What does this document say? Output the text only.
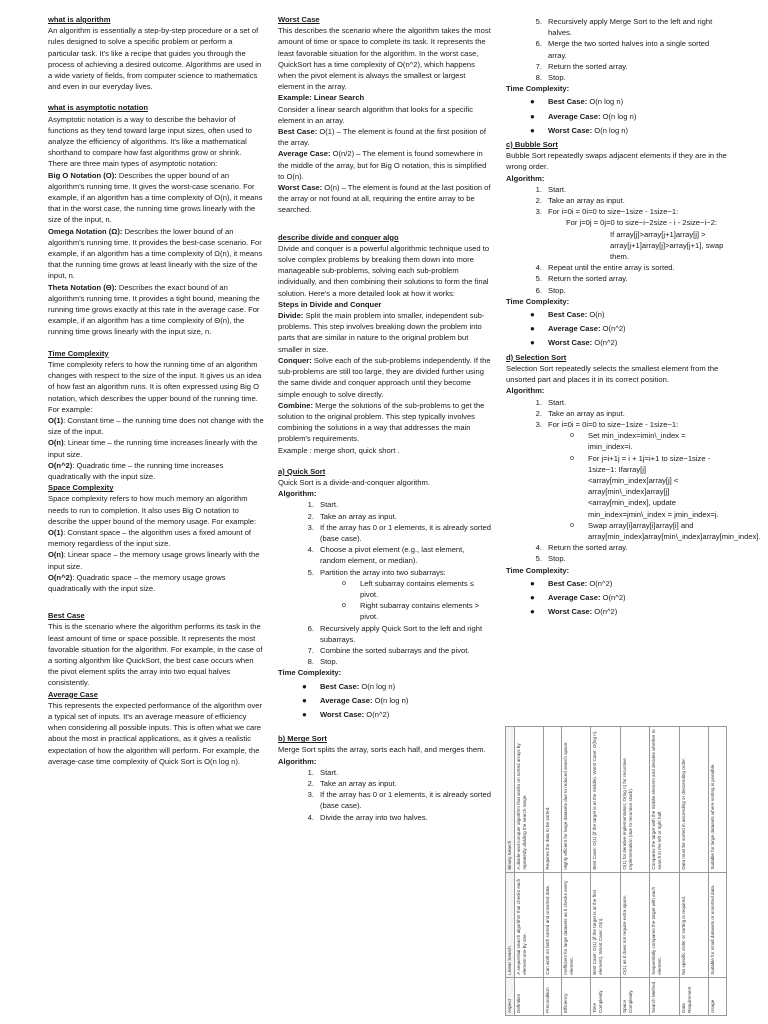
what is algorithm
An algorithm is essentially a step-by-step procedure or a set of rules designed to solve a specific problem or perform a particular task. It's like a recipe that guides you through the process of achieving a desired outcome. Algorithms are used in a wide variety of fields, from computer science to mathematics and even in our everyday lives.
what is asymptotic notation
Asymptotic notation is a way to describe the behavior of functions as they tend toward large input sizes, often used to analyze the efficiency of algorithms. It's like a mathematical shorthand to compare how fast algorithms grow or shrink.
There are three main types of asymptotic notation:
Big O Notation (O): Describes the upper bound of an algorithm's running time. It gives the worst-case scenario. For example, if an algorithm has a time complexity of O(n), it means that in the worst case, the running time grows linearly with the size of the input, n.
Omega Notation (Ω): Describes the lower bound of an algorithm's running time. It provides the best-case scenario. For example, if an algorithm has a time complexity of Ω(n), it means that the running time grows at least linearly with the size of the input, n.
Theta Notation (Θ): Describes the exact bound of an algorithm's running time. It provides a tight bound, meaning the running time grows exactly at this rate in the average case. For example, if an algorithm has a time complexity of Θ(n), the running time grows linearly with the input size, n.
Time Complexity
Time complexity refers to how the running time of an algorithm changes with respect to the size of the input. It gives us an idea of how fast an algorithm runs. It is often expressed using Big O notation, which describes the upper bound of the running time. For example:
O(1): Constant time – the running time does not change with the size of the input.
O(n): Linear time – the running time increases linearly with the input size.
O(n^2): Quadratic time – the running time increases quadratically with the input size.
Space Complexity
Space complexity refers to how much memory an algorithm needs to run to completion. It also uses Big O notation to describe the upper bound of the memory usage. For example:
O(1): Constant space – the algorithm uses a fixed amount of memory regardless of the input size.
O(n): Linear space – the memory usage grows linearly with the input size.
O(n^2): Quadratic space – the memory usage grows quadratically with the input size.
Best Case
This is the scenario where the algorithm performs its task in the least amount of time or space possible. It represents the most favorable situation for the algorithm. For example, in the case of a sorting algorithm like QuickSort, the best case occurs when the pivot element splits the array into two equal halves consistently.
Average Case
This represents the expected performance of the algorithm over a typical set of inputs. It's an average measure of efficiency when considering all possible inputs. This is often what we care about the most in practical applications, as it gives a realistic expectation of how the algorithm will perform. For example, the average-case time complexity of Quick Sort is O(n log n).
Worst Case
This describes the scenario where the algorithm takes the most amount of time or space to complete its task. It represents the least favorable situation for the algorithm. In the worst case, QuickSort has a time complexity of O(n^2), which happens when the pivot element is always the smallest or largest element in the array.
Example: Linear Search
Consider a linear search algorithm that looks for a specific element in an array.
Best Case: O(1) – The element is found at the first position of the array.
Average Case: O(n/2) – The element is found somewhere in the middle of the array, but for Big O notation, this is simplified to O(n).
Worst Case: O(n) – The element is found at the last position of the array or not found at all, requiring the entire array to be searched.
describe divide and conquer algo
Divide and conquer is a powerful algorithmic technique used to solve complex problems by breaking them down into more manageable sub-problems, solving each sub-problem individually, and then combining their solutions to form the final solution. Here's a more detailed look at how it works:
Steps in Divide and Conquer
Divide: Split the main problem into smaller, independent sub-problems. This step involves breaking down the problem into parts that are similar in nature to the original problem but smaller in size.
Conquer: Solve each of the sub-problems independently. If the sub-problems are still too large, they are divided further using the same divide and conquer approach until they become simple enough to solve directly.
Combine: Merge the solutions of the sub-problems to get the solution to the original problem. This step typically involves combining the solutions in a way that addresses the main problem's requirements.
Example : merge short, quick short .
a) Quick Sort
Quick Sort is a divide-and-conquer algorithm.
Algorithm:
1. Start.
2. Take an array as input.
3. If the array has 0 or 1 elements, it is already sorted (base case).
4. Choose a pivot element (e.g., last element, random element, or median).
5. Partition the array into two subarrays:
o Left subarray contains elements ≤ pivot.
o Right subarray contains elements > pivot.
6. Recursively apply Quick Sort to the left and right subarrays.
7. Combine the sorted subarrays and the pivot.
8. Stop.
Time Complexity:
● Best Case: O(n log n)
● Average Case: O(n log n)
● Worst Case: O(n^2)
b) Merge Sort
Merge Sort splits the array, sorts each half, and merges them.
Algorithm:
1. Start.
2. Take an array as input.
3. If the array has 0 or 1 elements, it is already sorted (base case).
4. Divide the array into two halves.
5. Recursively apply Merge Sort to the left and right halves.
6. Merge the two sorted halves into a single sorted array.
7. Return the sorted array.
8. Stop.
Time Complexity:
● Best Case: O(n log n)
● Average Case: O(n log n)
● Worst Case: O(n log n)
c) Bubble Sort
Bubble Sort repeatedly swaps adjacent elements if they are in the wrong order.
Algorithm:
1. Start.
2. Take an array as input.
3. For i=0i = 0i=0 to size−1size - 1size−1:
For j=0j = 0j=0 to size−i−2size - i - 2size−i−2:
If array[j]>array[j+1]array[j] > array[j+1]array[j]>array[j+1], swap them.
4. Repeat until the entire array is sorted.
5. Return the sorted array.
6. Stop.
Time Complexity:
● Best Case: O(n)
● Average Case: O(n^2)
● Worst Case: O(n^2)
d) Selection Sort
Selection Sort repeatedly selects the smallest element from the unsorted part and places it in its correct position.
Algorithm:
1. Start.
2. Take an array as input.
3. For i=0i = 0i=0 to size−1size - 1size−1:
o Set min_index=imin\_index = imin_index=i.
o For j=i+1j = i + 1j=i+1 to size−1size - 1size−1: Ifarray[j]<array[min_index]array[j] < array[min\_index]array[j]<array[min_index], update min_index=jmin\_index = jmin_index=j.
o Swap array[i]array[i]array[i] and array[min_index]array[min\_index]array[min_index].
4. Return the sorted array.
5. Stop.
Time Complexity:
● Best Case: O(n^2)
● Average Case: O(n^2)
● Worst Case: O(n^2)
Aspect	Linear Search	Binary Search
Definition	A sequential search algorithm that checks each element one by one.	A divide-and-conquer algorithm that works on sorted arrays by repeatedly dividing the search range.
Precondition	Can work on both sorted and unsorted data.	Requires the data to be sorted.
Efficiency	Inefficient for large datasets as it checks every element.	Highly efficient for large datasets due to reduced search space.
Time Complexity	Best Case: O(1) (if the target is at the first element). Worst Case: O(n).	Best Case: O(1) (if the target is at the middle). Worst Case: O(log n).
Space Complexity	O(1) as it does not require extra space.	O(1) for iterative implementation; O(log n) for recursive implementation (due to recursion stack).
Search Method	Sequentially compares the target with each element.	Compares the target with the middle element and decides whether to search in the left or right half.
Data Requirement	No specific order or sorting is required.	Data must be sorted in ascending or descending order.
Usage	Suitable for small datasets or unsorted data.	Suitable for large datasets where sorting is possible.
